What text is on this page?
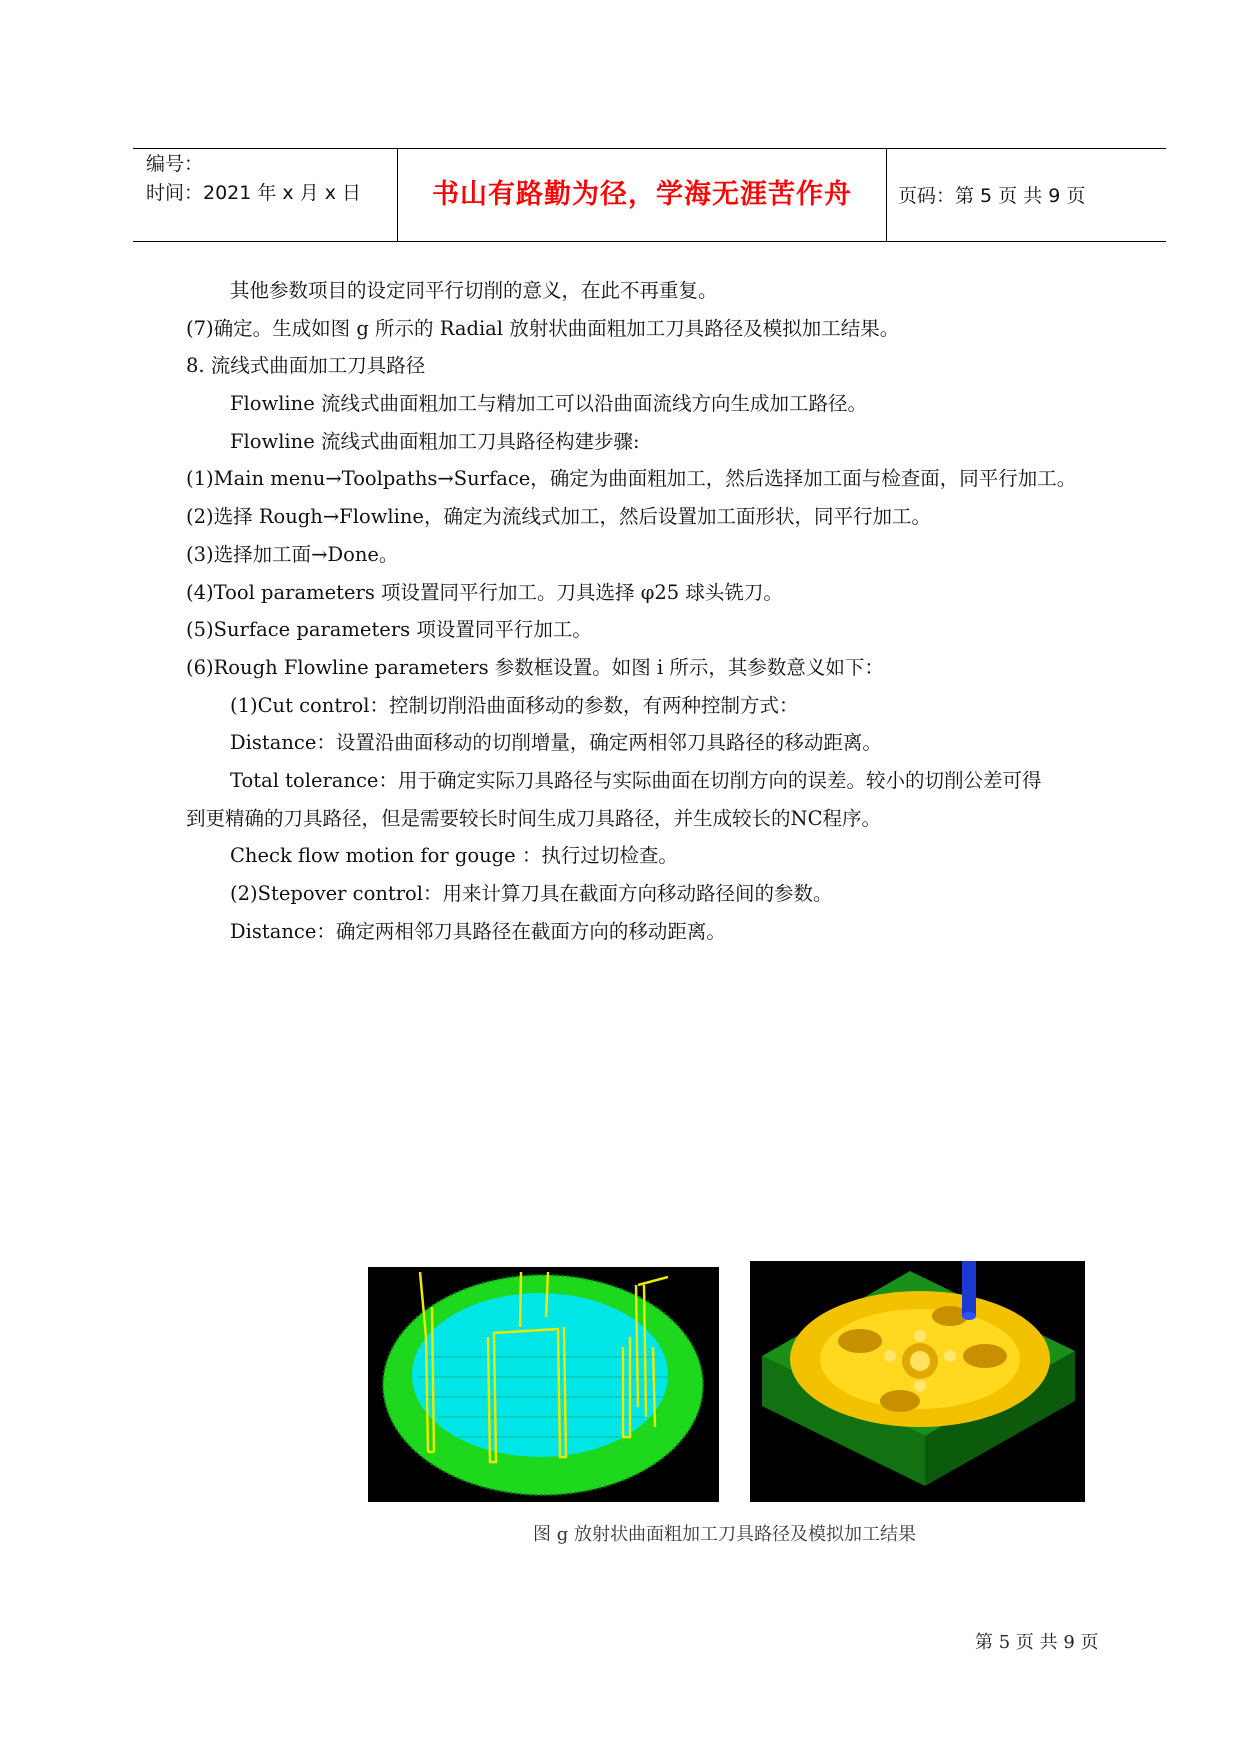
编号：
时间：2021 年 x 月 x 日	书山有路勤为径，学海无涯苦作舟	页码：第 5 页 共 9 页
其他参数项目的设定同平行切削的意义，在此不再重复。
(7)确定。生成如图 g 所示的 Radial 放射状曲面粗加工刀具路径及模拟加工结果。
8. 流线式曲面加工刀具路径
Flowline 流线式曲面粗加工与精加工可以沿曲面流线方向生成加工路径。
Flowline 流线式曲面粗加工刀具路径构建步骤:
(1)Main menu→Toolpaths→Surface，确定为曲面粗加工，然后选择加工面与检查面，同平行加工。
(2)选择 Rough→Flowline，确定为流线式加工，然后设置加工面形状，同平行加工。
(3)选择加工面→Done。
(4)Tool parameters 项设置同平行加工。刀具选择 φ25 球头铣刀。
(5)Surface parameters 项设置同平行加工。
(6)Rough Flowline parameters 参数框设置。如图 i 所示，其参数意义如下：
(1)Cut control：控制切削沿曲面移动的参数，有两种控制方式：
Distance：设置沿曲面移动的切削增量，确定两相邻刀具路径的移动距离。
Total tolerance：用于确定实际刀具路径与实际曲面在切削方向的误差。较小的切削公差可得
到更精确的刀具路径，但是需要较长时间生成刀具路径，并生成较长的NC程序。
Check flow motion for gouge ：执行过切检查。
(2)Stepover control：用来计算刀具在截面方向移动路径间的参数。
Distance：确定两相邻刀具路径在截面方向的移动距离。
图 g 放射状曲面粗加工刀具路径及模拟加工结果
第 5 页 共 9 页
